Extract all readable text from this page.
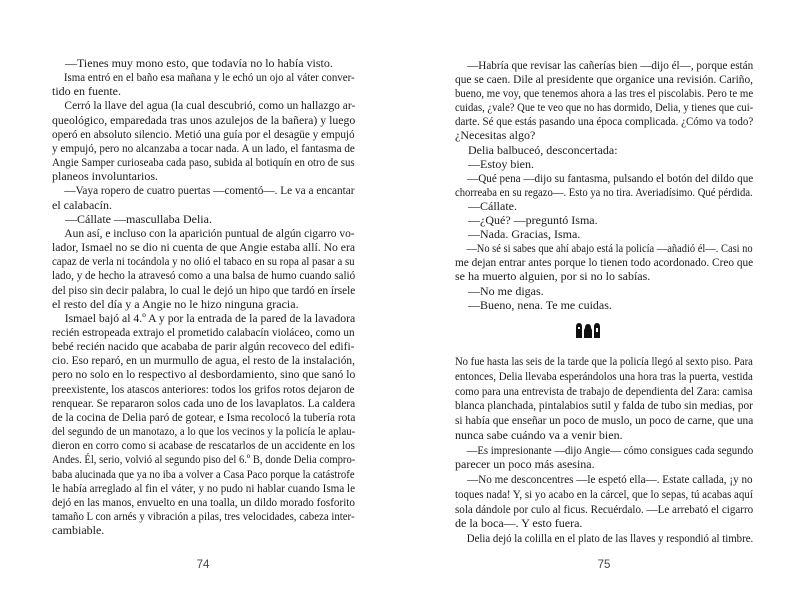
—Tienes muy mono esto, que todavía no lo había visto.
Isma entró en el baño esa mañana y le echó un ojo al váter conver-
tido en fuente.
Cerró la llave del agua (la cual descubrió, como un hallazgo ar-
queológico, emparedada tras unos azulejos de la bañera) y luego
operó en absoluto silencio. Metió una guía por el desagüe y empujó
y empujó, pero no alcanzaba a tocar nada. A un lado, el fantasma de
Angie Samper curioseaba cada paso, subida al botiquín en otro de sus
planeos involuntarios.
—Vaya ropero de cuatro puertas —comentó—. Le va a encantar
el calabacín.
—Cállate —mascullaba Delia.
Aun así, e incluso con la aparición puntual de algún cigarro vo-
lador, Ismael no se dio ni cuenta de que Angie estaba allí. No era
capaz de verla ni tocándola y no olió el tabaco en su ropa al pasar a su
lado, y de hecho la atravesó como a una balsa de humo cuando salió
del piso sin decir palabra, lo cual le dejó un hipo que tardó en írsele
el resto del día y a Angie no le hizo ninguna gracia.
Ismael bajó al 4.º A y por la entrada de la pared de la lavadora
recién estropeada extrajo el prometido calabacín violáceo, como un
bebé recién nacido que acababa de parir algún recoveco del edifi-
cio. Eso reparó, en un murmullo de agua, el resto de la instalación,
pero no solo en lo respectivo al desbordamiento, sino que sanó lo
preexistente, los atascos anteriores: todos los grifos rotos dejaron de
renquear. Se repararon solos cada uno de los lavaplatos. La caldera
de la cocina de Delia paró de gotear, e Isma recolocó la tubería rota
del segundo de un manotazo, a lo que los vecinos y la policía le aplau-
dieron en corro como si acabase de rescatarlos de un accidente en los
Andes. Él, serio, volvió al segundo piso del 6.º B, donde Delia compro-
baba alucinada que ya no iba a volver a Casa Paco porque la catástrofe
le había arreglado al fin el váter, y no pudo ni hablar cuando Isma le
dejó en las manos, envuelto en una toalla, un dildo morado fosforito
tamaño L con arnés y vibración a pilas, tres velocidades, cabeza inter-
cambiable.
—Habría que revisar las cañerías bien —dijo él—, porque están
que se caen. Dile al presidente que organice una revisión. Cariño,
bueno, me voy, que tenemos ahora a las tres el piscolabis. Pero te me
cuidas, ¿vale? Que te veo que no has dormido, Delia, y tienes que cui-
darte. Sé que estás pasando una época complicada. ¿Cómo va todo?
¿Necesitas algo?
Delia balbuceó, desconcertada:
—Estoy bien.
—Qué pena —dijo su fantasma, pulsando el botón del dildo que
chorreaba en su regazo—. Esto ya no tira. Averiadísimo. Qué pérdida.
—Cállate.
—¿Qué? —preguntó Isma.
—Nada. Gracias, Isma.
—No sé si sabes que ahí abajo está la policía —añadió él—. Casi no
me dejan entrar antes porque lo tienen todo acordonado. Creo que
se ha muerto alguien, por si no lo sabías.
—No me digas.
—Bueno, nena. Te me cuidas.
No fue hasta las seis de la tarde que la policía llegó al sexto piso. Para
entonces, Delia llevaba esperándolos una hora tras la puerta, vestida
como para una entrevista de trabajo de dependienta del Zara: camisa
blanca planchada, pintalabios sutil y falda de tubo sin medias, por
si había que enseñar un poco de muslo, un poco de carne, que una
nunca sabe cuándo va a venir bien.
—Es impresionante —dijo Angie— cómo consigues cada segundo
parecer un poco más asesina.
—No me desconcentres —le espetó ella—. Estate callada, ¡y no
toques nada! Y, si yo acabo en la cárcel, que lo sepas, tú acabas aquí
sola dándole por culo al ficus. Recuérdalo. —Le arrebató el cigarro
de la boca—. Y esto fuera.
Delia dejó la colilla en el plato de las llaves y respondió al timbre.
74	75
